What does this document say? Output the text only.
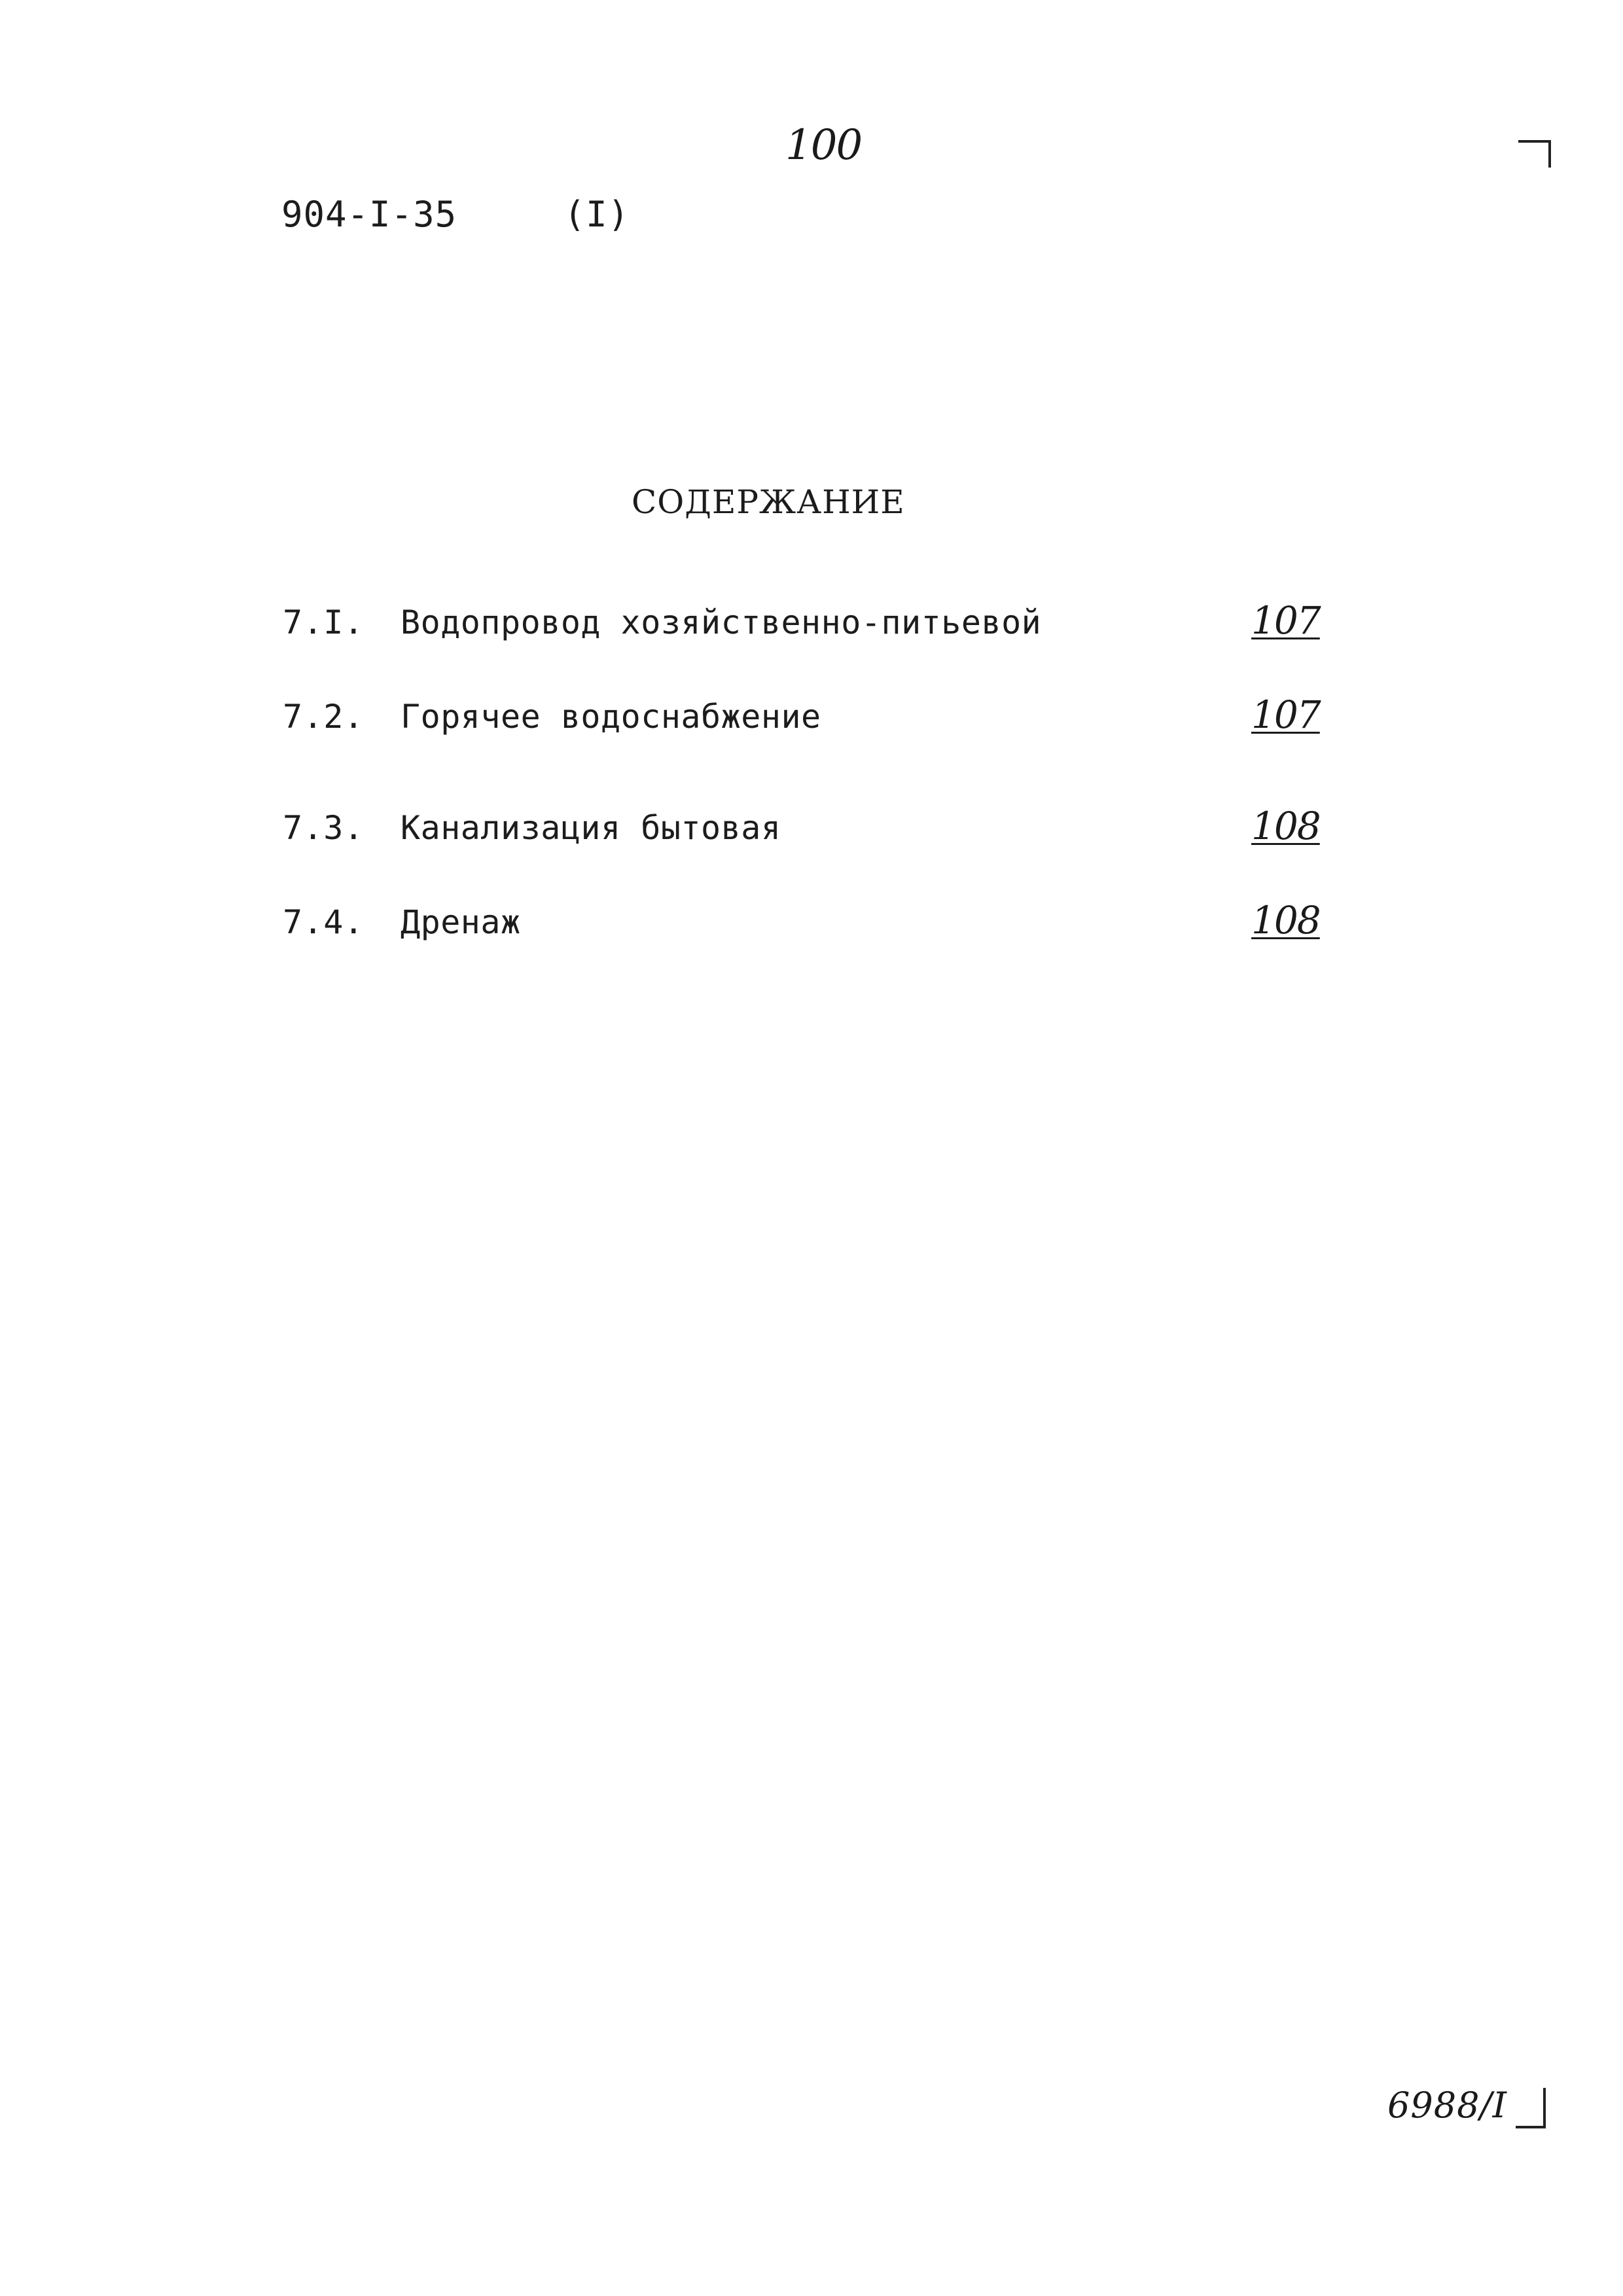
100
904-I-35	(I)
СОДЕРЖАНИЕ
7.I. Водопровод хозяйственно-питьевой	107
7.2. Горячее водоснабжение	107
7.3. Канализация бытовая	108
7.4. Дренаж	108
6988/I
